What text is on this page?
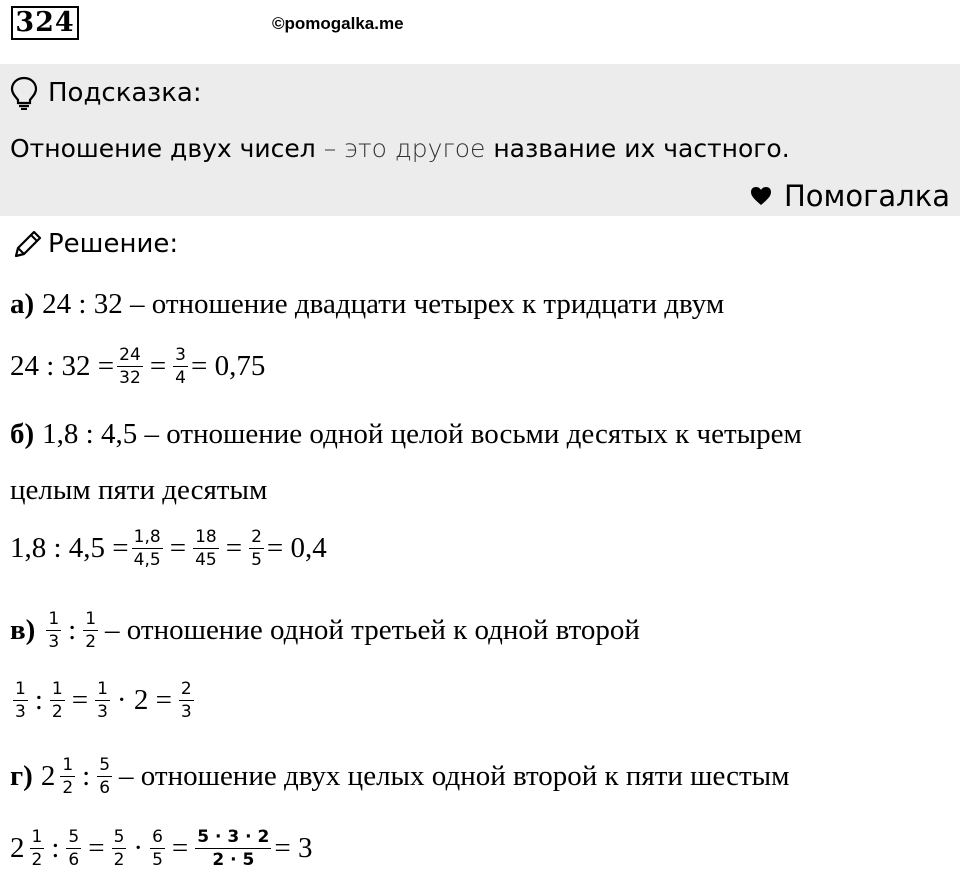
324	©pomogalka.me
Подсказка:
Отношение двух чисел – это другое название их частного.
Помогалка
Решение:
а) 24 : 32 – отношение двадцати четырех к тридцати двум
24 : $32 = \frac{24}{32} = \frac{3}{4} = 0,75$
б) 1,8 : 4,5 – отношение одной целой восьми десятых к четырем
целым пяти десятым
1,8 : $4,5 = \frac{1,8}{4,5} = \frac{18}{45} = \frac{2}{5} = 0,4$
$в) \frac{1}{3}$ : $\frac{1}{2}$ – отношение одной третьей к одной второй
$\frac{1}{3}$ : $\frac{1}{2} = \frac{1}{3} \cdot 2 = \frac{2}{3}$
г) $2 \frac{1}{2}$ : $\frac{5}{6}$ – отношение двух целых одной второй к пяти шестым
$2 \frac{1}{2}$ : $\frac{5}{6} = \frac{5}{2} \cdot \frac{6}{5} = \frac{5 \cdot 3 \cdot 2}{2 \cdot 5} = 3$
